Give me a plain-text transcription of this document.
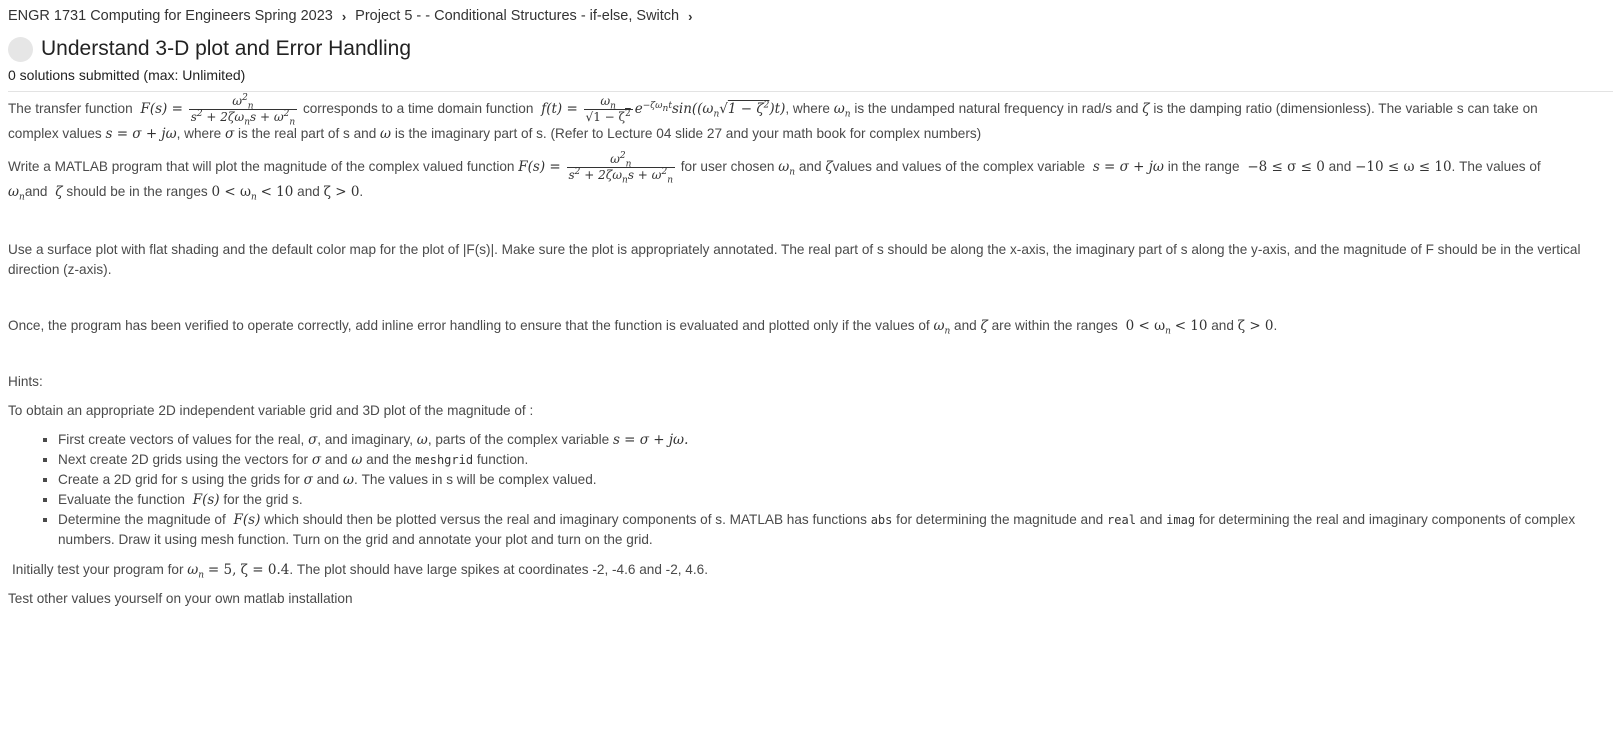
ENGR 1731 Computing for Engineers Spring 2023 › Project 5 - - Conditional Structures - if-else, Switch ›
Understand 3-D plot and Error Handling
0 solutions submitted (max: Unlimited)
The transfer function $F(s) = \frac{\omega^2_n}{s^2 + 2\zeta\omega_ns + \omega^2_n}$ corresponds to a time domain function $f(t) = \frac{\omega_n}{√1 - \zeta^2} e^{-\zeta\omega_nt}\sin((\omega_n√1 - \zeta^2)t)$, where $\omega_n$ is the undamped natural frequency in rad/s and ζ is the damping ratio (dimensionless). The variable s can take on
complex values s = σ + jω, where σ is the real part of s and ω is the imaginary part of s. (Refer to Lecture 04 slide 27 and your math book for complex numbers)
Write a MATLAB program that will plot the magnitude of the complex valued function $F(s) = \frac{\omega^2_n}{s^2 + 2\zeta\omega_ns + \omega^2_n}$ for user chosen $\omega_n$ and ζvalues and values of the complex variable s = σ + jω in the range −8 ≤ σ ≤ 0 and −10 ≤ ω ≤ 10. The values of
$\omega_nand$ ζ should be in the ranges $0 < \omega_n < 10$ and ζ > 0.
Use a surface plot with flat shading and the default color map for the plot of |F(s)|. Make sure the plot is appropriately annotated. The real part of s should be along the x-axis, the imaginary part of s along the y-axis, and the magnitude of F should be in the vertical direction (z-axis).
Once, the program has been verified to operate correctly, add inline error handling to ensure that the function is evaluated and plotted only if the values of $\omega_n$ and ζ are within the ranges $0 < \omega_n < 10$ and ζ > 0.
Hints:
To obtain an appropriate 2D independent variable grid and 3D plot of the magnitude of :
▪ First create vectors of values for the real, σ, and imaginary, ω, parts of the complex variable s = σ + jω.
▪ Next create 2D grids using the vectors for σ and ω and the meshgrid function.
▪ Create a 2D grid for s using the grids for σ and ω. The values in s will be complex valued.
▪ Evaluate the function F(s) for the grid s.
▪ Determine the magnitude of F(s) which should then be plotted versus the real and imaginary components of s. MATLAB has functions abs for determining the magnitude and real and imag for determining the real and imaginary components of complex numbers. Draw it using mesh function. Turn on the grid and annotate your plot and turn on the grid.
Initially test your program for $\omega_n = 5$, ζ = 0.4. The plot should have large spikes at coordinates -2, -4.6 and -2, 4.6.
Test other values yourself on your own matlab installation
